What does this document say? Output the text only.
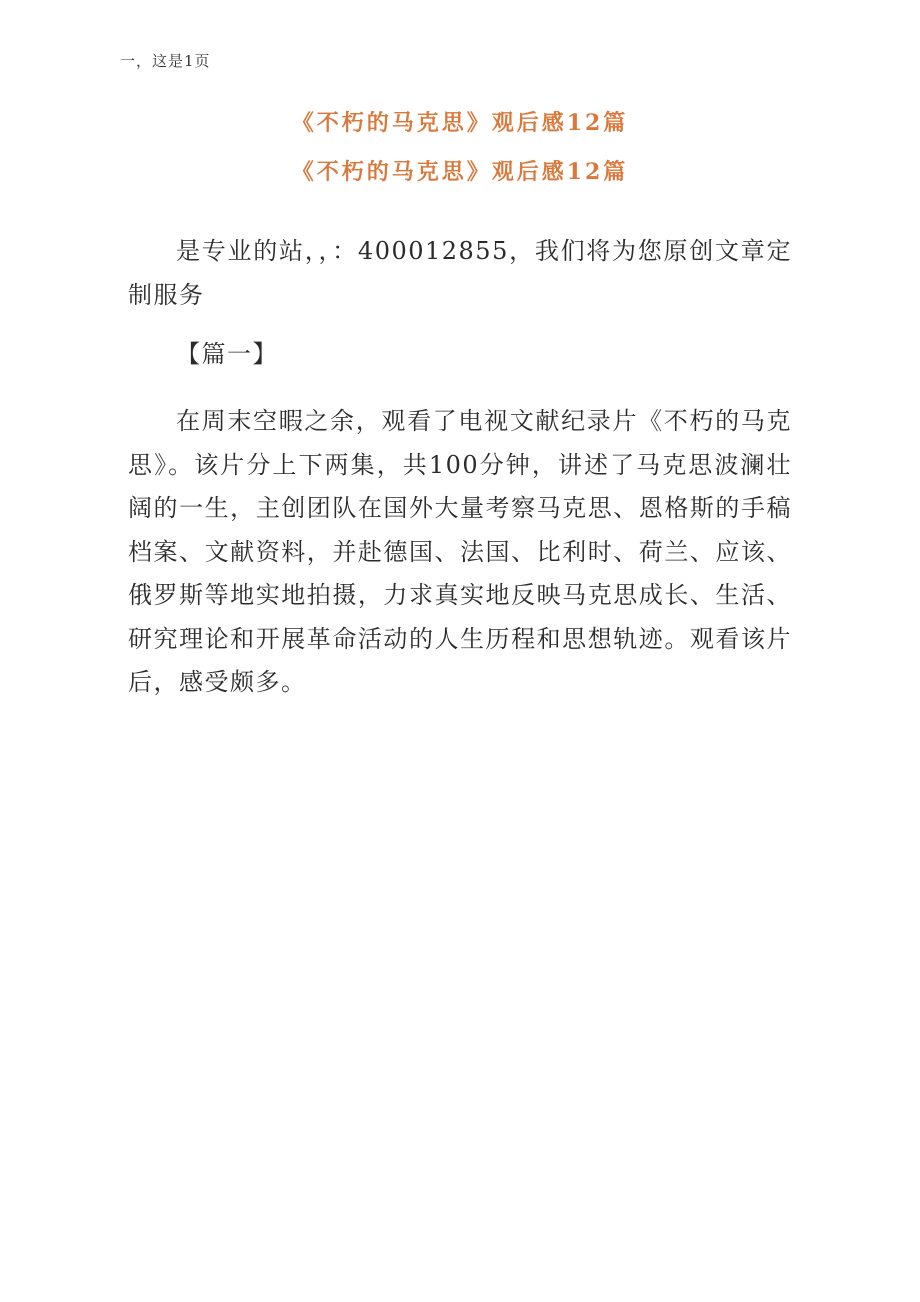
一，这是1页
《不朽的马克思》观后感12篇
《不朽的马克思》观后感12篇

是专业的站，，：400012855，我们将为您原创文章定制服务

【篇一】

在周末空暇之余，观看了电视文献纪录片《不朽的马克思》。该片分上下两集，共100分钟，讲述了马克思波澜壮阔的一生，主创团队在国外大量考察马克思、恩格斯的手稿档案、文献资料，并赴德国、法国、比利时、荷兰、应该、俄罗斯等地实地拍摄，力求真实地反映马克思成长、生活、研究理论和开展革命活动的人生历程和思想轨迹。观看该片后，感受颇多。
